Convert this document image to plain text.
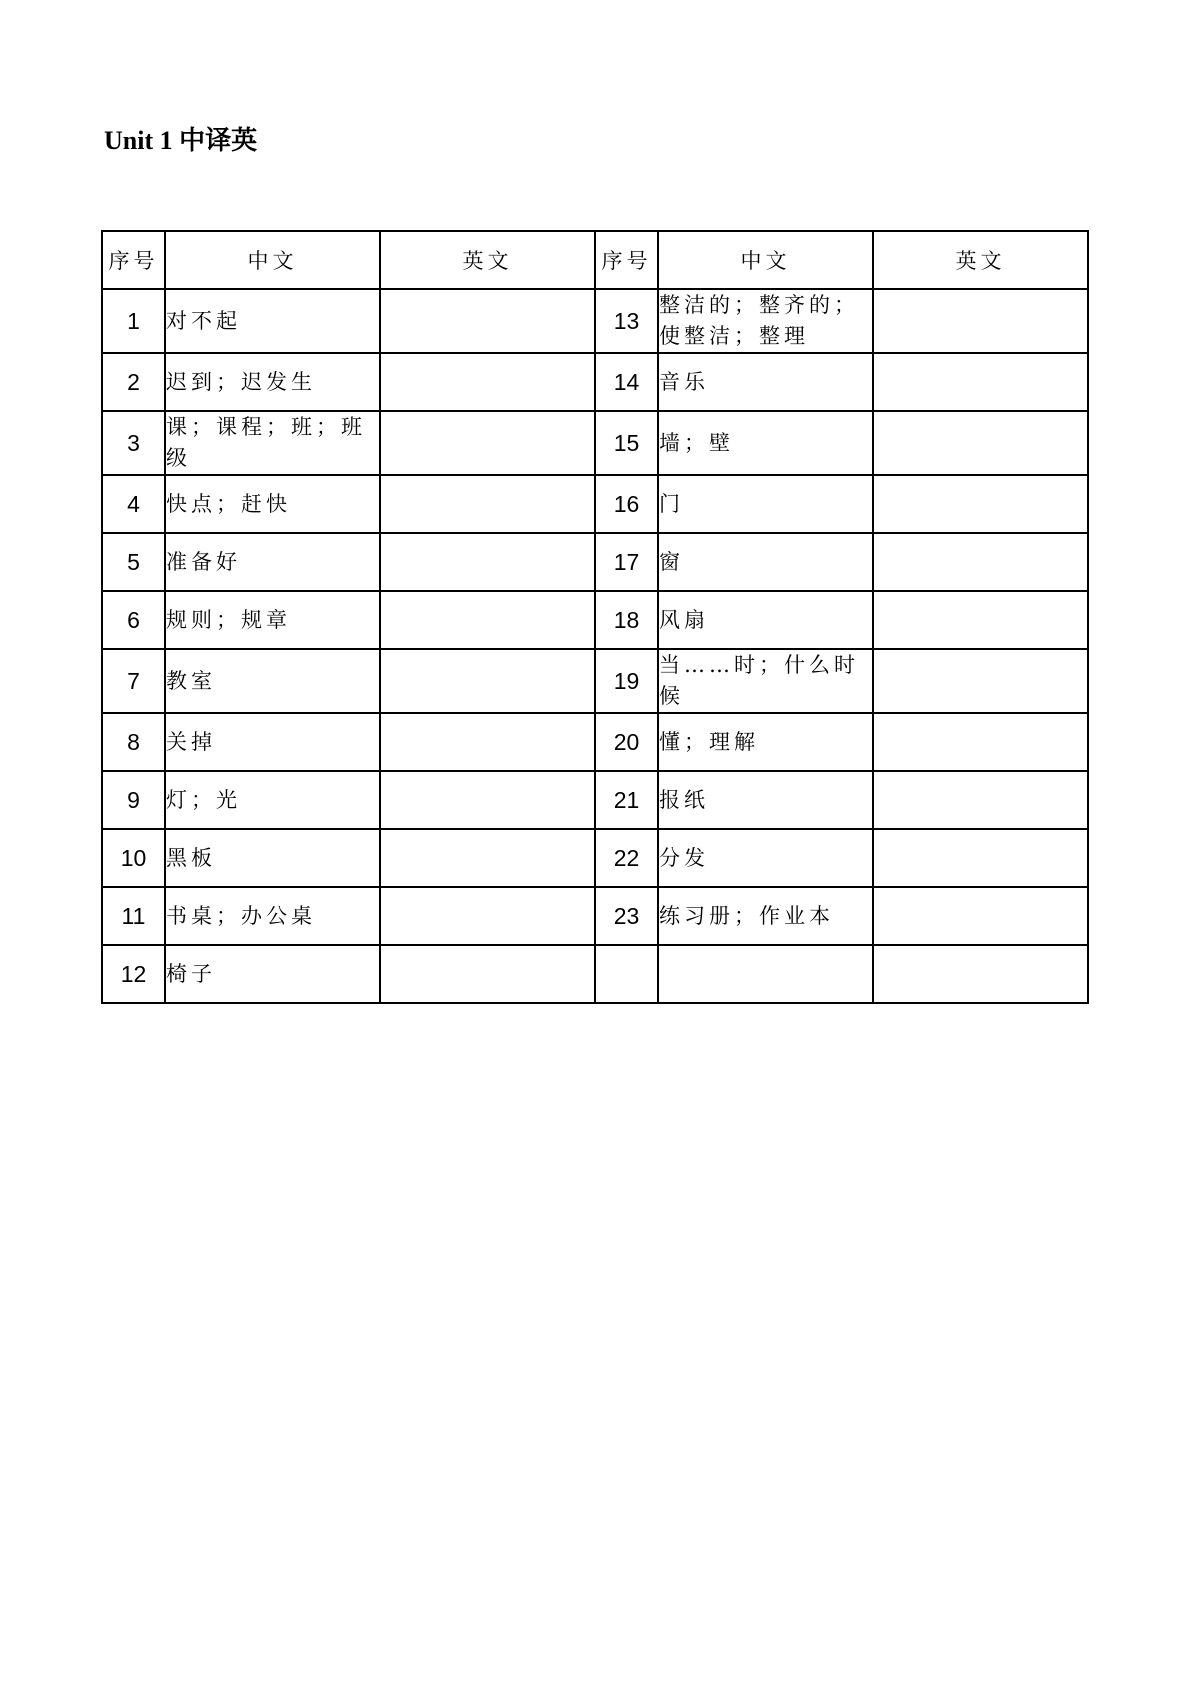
Unit 1 中译英
序号	中文	英文	序号	中文	英文
1	对不起		13	整洁的；整齐的；使整洁；整理	
2	迟到；迟发生		14	音乐	
3	课；课程；班；班级		15	墙；壁	
4	快点；赶快		16	门	
5	准备好		17	窗	
6	规则；规章		18	风扇	
7	教室		19	当……时；什么时候	
8	关掉		20	懂；理解	
9	灯；光		21	报纸	
10	黑板		22	分发	
11	书桌；办公桌		23	练习册；作业本	
12	椅子				
